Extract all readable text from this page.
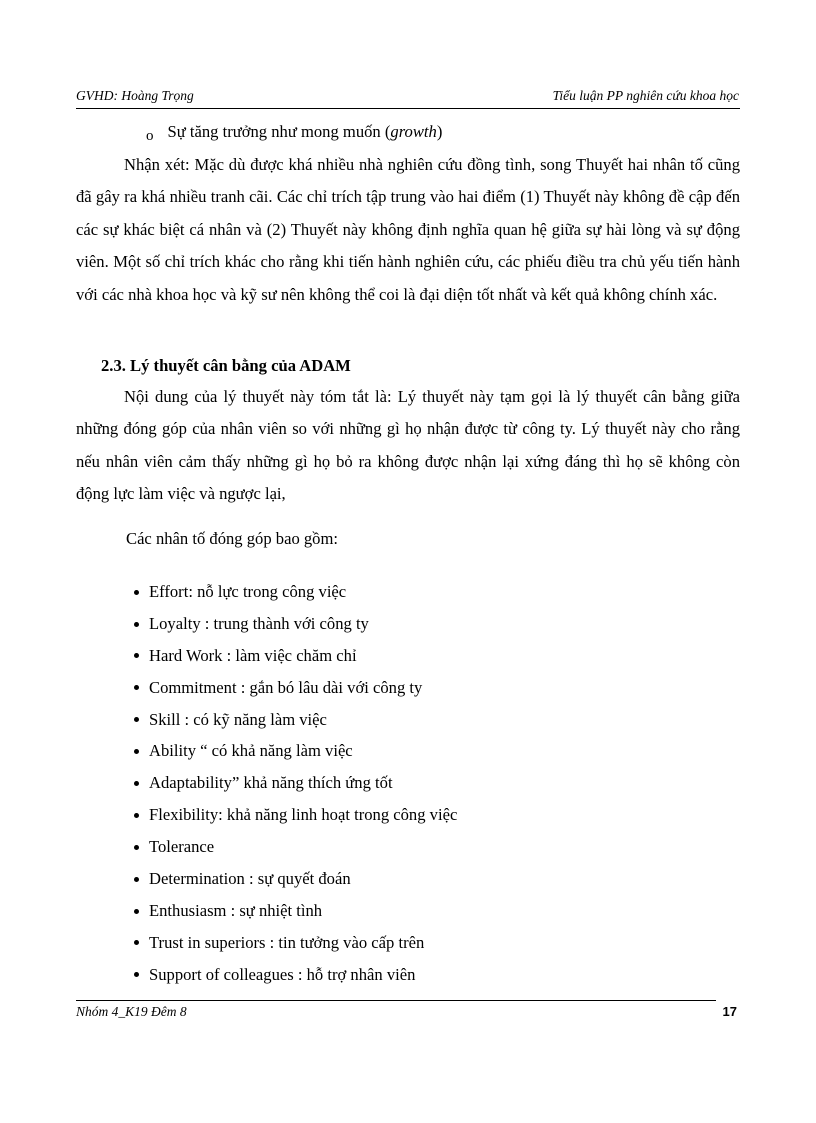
GVHD: Hoàng Trọng	Tiểu luận PP nghiên cứu khoa học
o Sự tăng trưởng như mong muốn (growth)

Nhận xét: Mặc dù được khá nhiều nhà nghiên cứu đồng tình, song Thuyết hai nhân tố cũng đã gây ra khá nhiều tranh cãi. Các chỉ trích tập trung vào hai điểm (1) Thuyết này không đề cập đến các sự khác biệt cá nhân và (2) Thuyết này không định nghĩa quan hệ giữa sự hài lòng và sự động viên. Một số chỉ trích khác cho rằng khi tiến hành nghiên cứu, các phiếu điều tra chủ yếu tiến hành với các nhà khoa học và kỹ sư nên không thể coi là đại diện tốt nhất và kết quả không chính xác.

2.3. Lý thuyết cân bằng của ADAM

Nội dung của lý thuyết này tóm tắt là: Lý thuyết này tạm gọi là lý thuyết cân bằng giữa những đóng góp của nhân viên so với những gì họ nhận được từ công ty. Lý thuyết này cho rằng nếu nhân viên cảm thấy những gì họ bỏ ra không được nhận lại xứng đáng thì họ sẽ không còn động lực làm việc và ngược lại,

Các nhân tố đóng góp bao gồm:
Effort: nỗ lực trong công việc
Loyalty : trung thành với công ty
Hard Work : làm việc chăm chỉ
Commitment : gắn bó lâu dài với công ty
Skill : có kỹ năng làm việc
Ability “ có khả năng làm việc
Adaptability” khả năng thích ứng tốt
Flexibility: khả năng linh hoạt trong công việc
Tolerance
Determination : sự quyết đoán
Enthusiasm : sự nhiệt tình
Trust in superiors : tin tưởng vào cấp trên
Support of colleagues : hỗ trợ nhân viên
Nhóm 4_K19 Đêm 8	17
